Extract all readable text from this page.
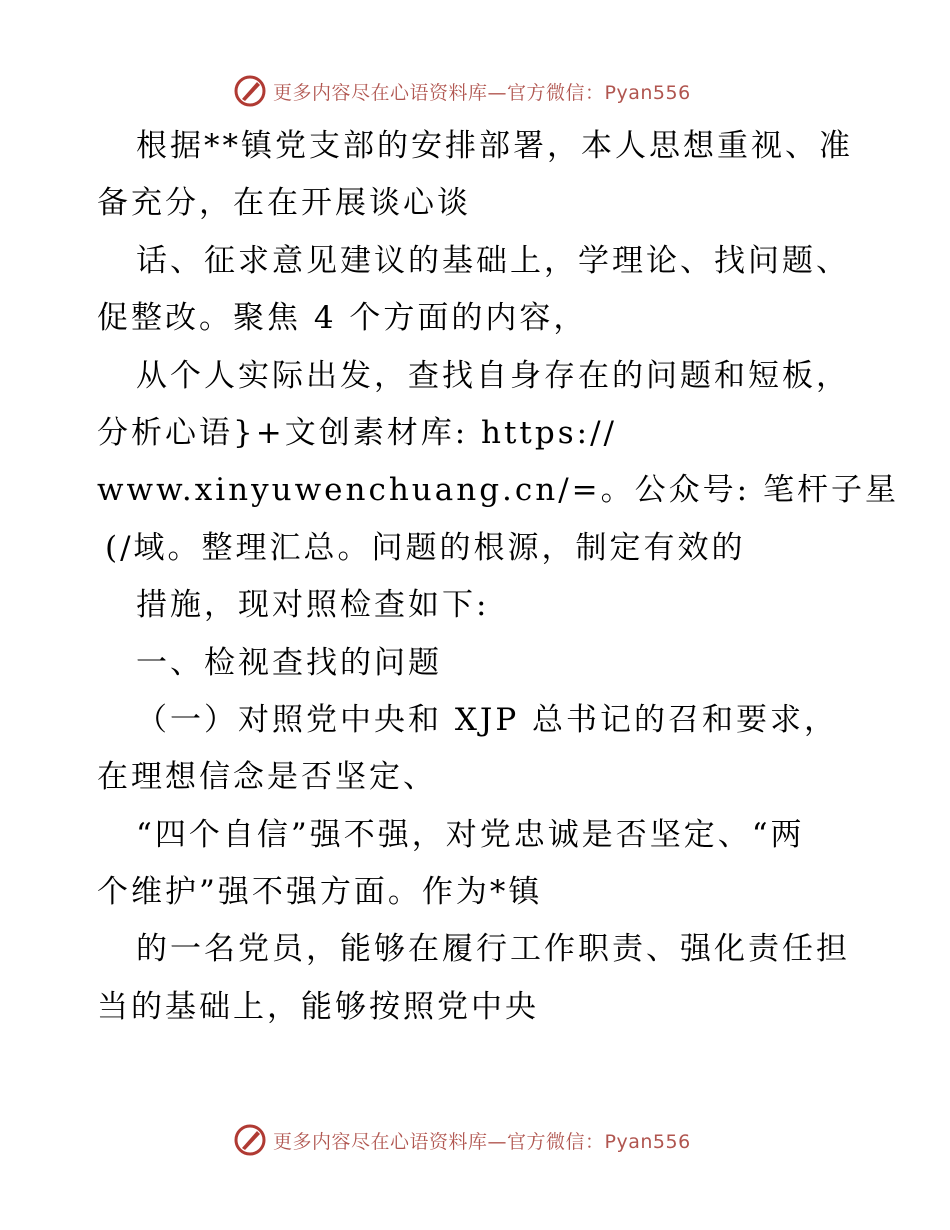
更多内容尽在心语资料库—官方微信：Pyan556
根据**镇党支部的安排部署，本人思想重视、准
备充分，在在开展谈心谈
话、征求意见建议的基础上，学理论、找问题、
促整改。聚焦 4 个方面的内容，
从个人实际出发，查找自身存在的问题和短板，
分析心语}+文创素材库: https://
www.xinyuwenchuang.cn/=。公众号: 笔杆子星
(/域。整理汇总。问题的根源，制定有效的
措施，现对照检查如下:
一、检视查找的问题
（一）对照党中央和 XJP 总书记的召和要求，
在理想信念是否坚定、
“四个自信”强不强，对党忠诚是否坚定、“两
个维护”强不强方面。作为*镇
的一名党员，能够在履行工作职责、强化责任担
当的基础上，能够按照党中央
更多内容尽在心语资料库—官方微信：Pyan556
